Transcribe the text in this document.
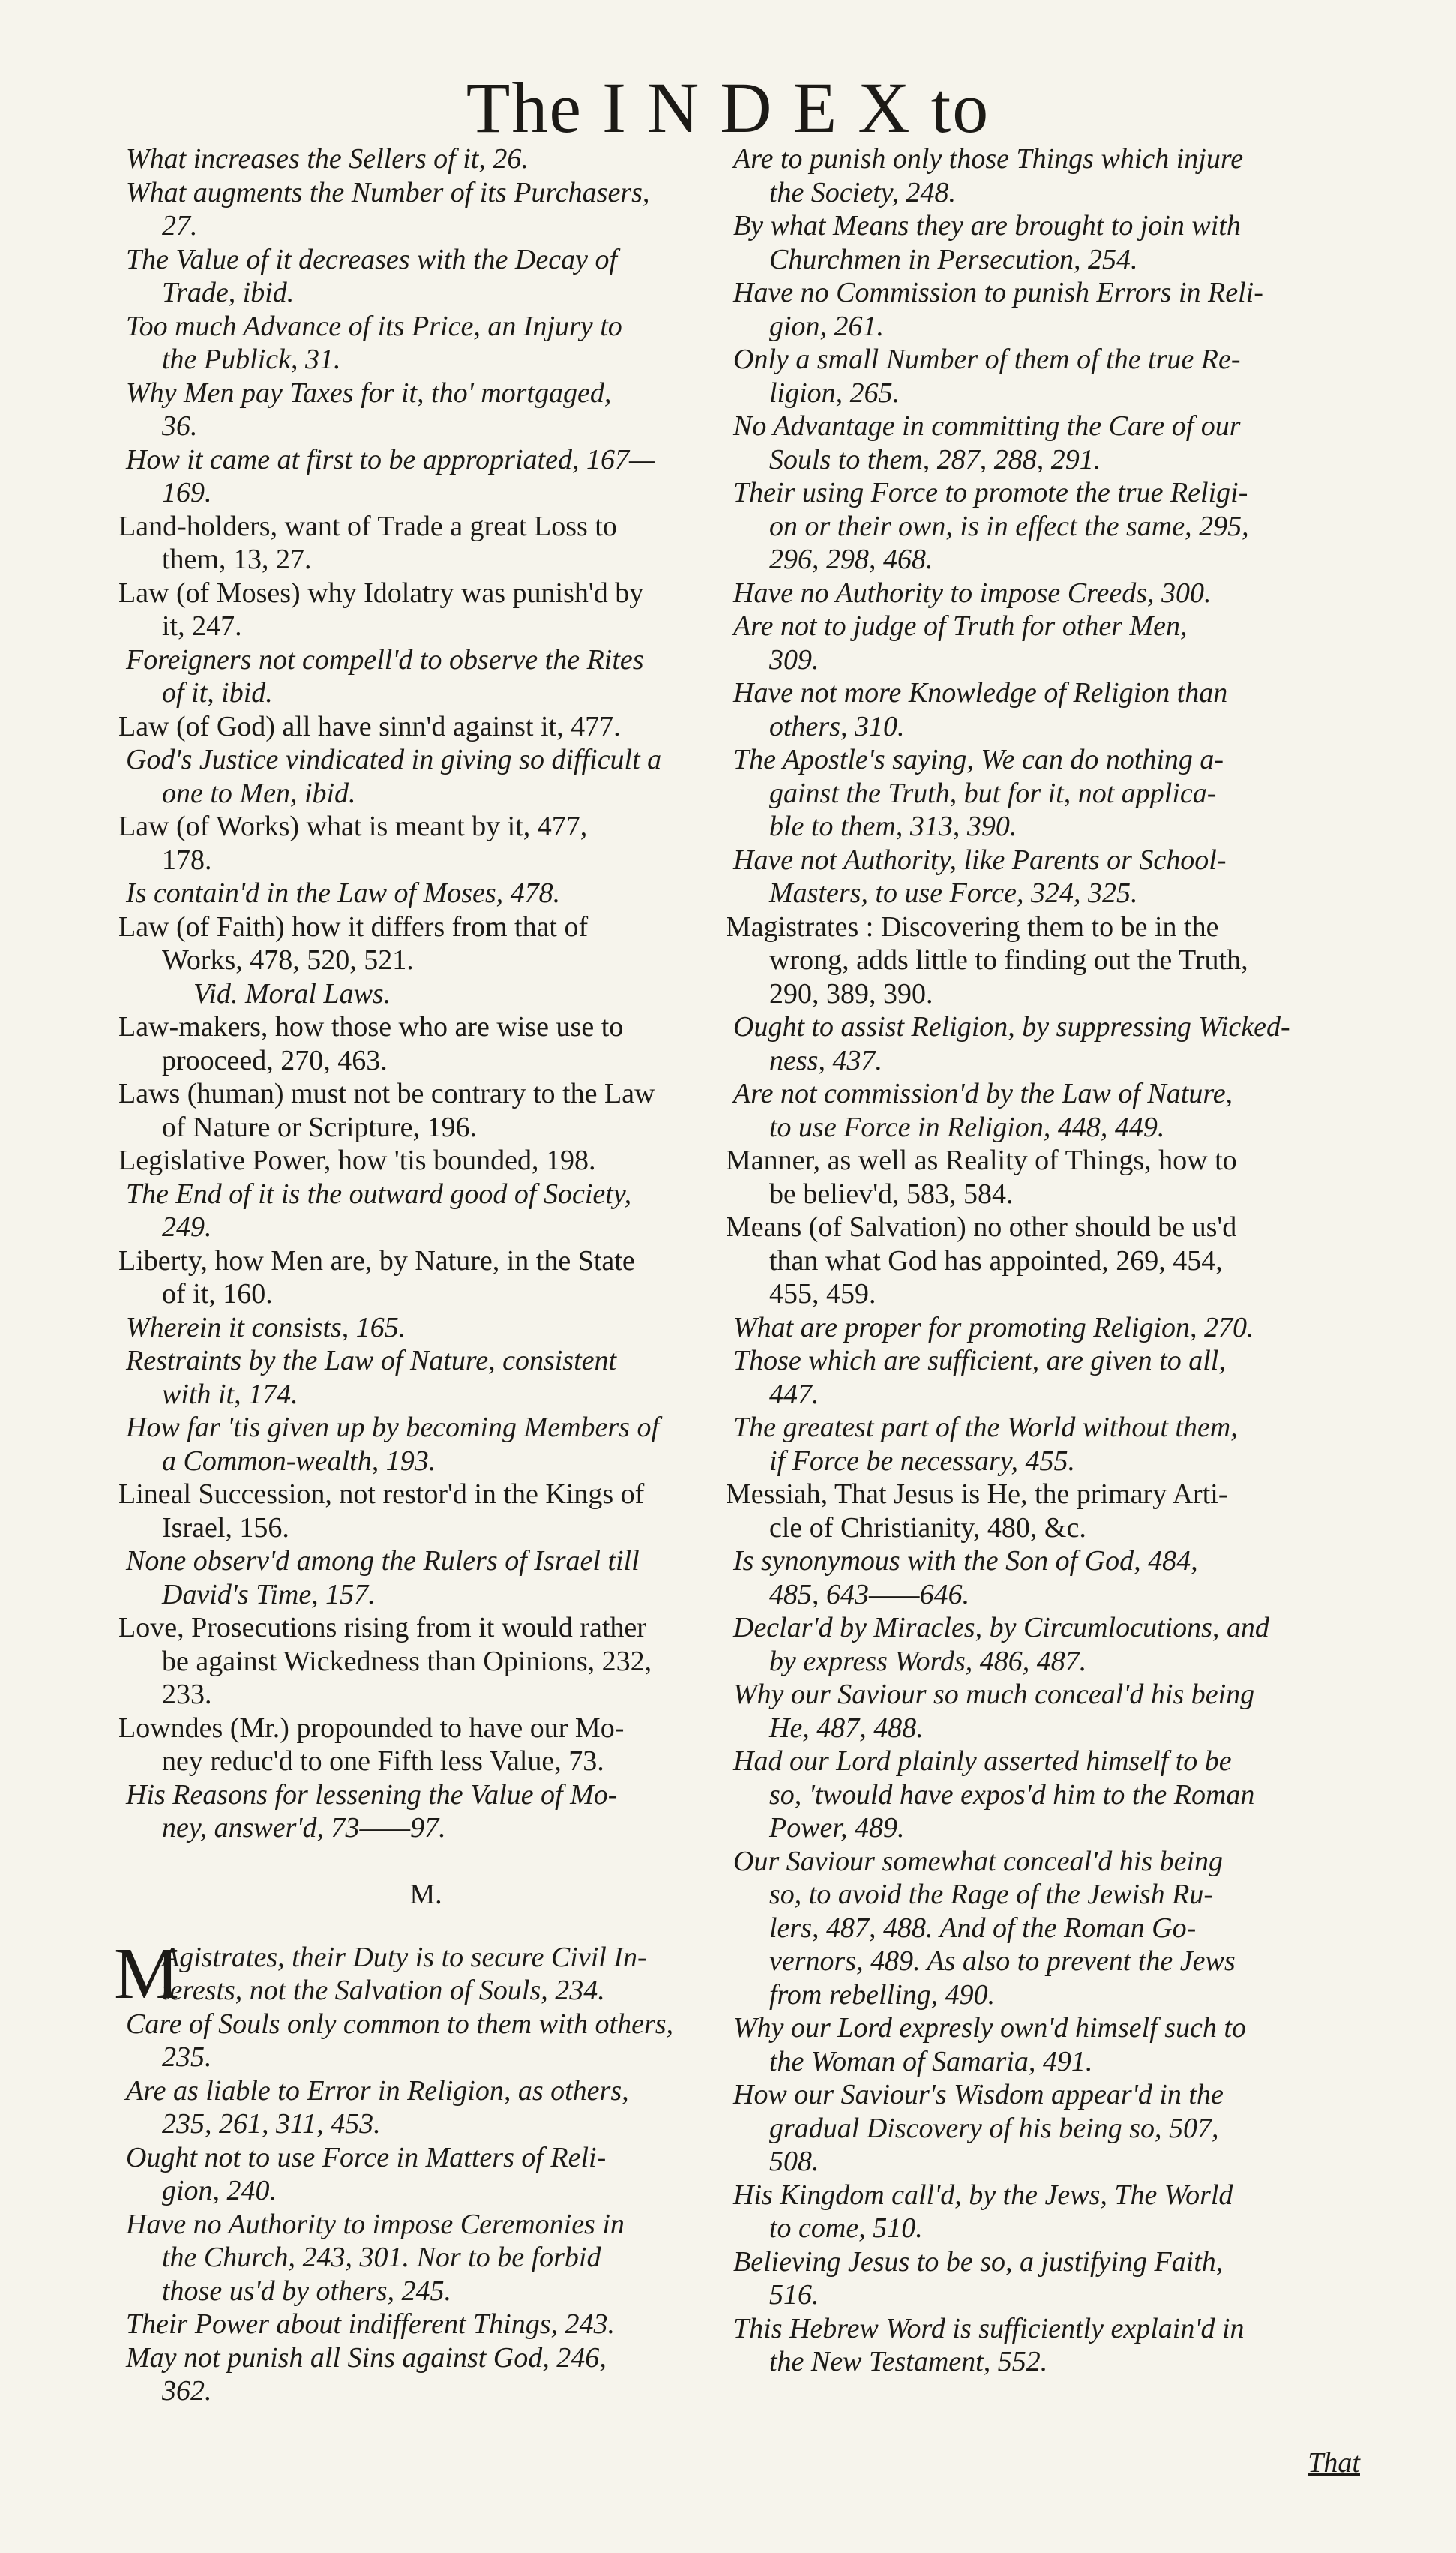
The I N D E X to
What increases the Sellers of it, 26.
What augments the Number of its Purchasers,
27.
The Value of it decreases with the Decay of
Trade, ibid.
Too much Advance of its Price, an Injury to
the Publick, 31.
Why Men pay Taxes for it, tho' mortgaged,
36.
How it came at first to be appropriated, 167—
169.
Land-holders, want of Trade a great Loss to
them, 13, 27.
Law (of Moses) why Idolatry was punish'd by
it, 247.
Foreigners not compell'd to observe the Rites
of it, ibid.
Law (of God) all have sinn'd against it, 477.
God's Justice vindicated in giving so difficult a
one to Men, ibid.
Law (of Works) what is meant by it, 477,
178.
Is contain'd in the Law of Moses, 478.
Law (of Faith) how it differs from that of
Works, 478, 520, 521.
Vid. Moral Laws.
Law-makers, how those who are wise use to
prooceed, 270, 463.
Laws (human) must not be contrary to the Law
of Nature or Scripture, 196.
Legislative Power, how 'tis bounded, 198.
The End of it is the outward good of Society,
249.
Liberty, how Men are, by Nature, in the State
of it, 160.
Wherein it consists, 165.
Restraints by the Law of Nature, consistent
with it, 174.
How far 'tis given up by becoming Members of
a Common-wealth, 193.
Lineal Succession, not restor'd in the Kings of
Israel, 156.
None observ'd among the Rulers of Israel till
David's Time, 157.
Love, Prosecutions rising from it would rather
be against Wickedness than Opinions, 232,
233.
Lowndes (Mr.) propounded to have our Mo-
ney reduc'd to one Fifth less Value, 73.
His Reasons for lessening the Value of Mo-
ney, answer'd, 73——97.
M.
M
Agistrates, their Duty is to secure Civil In-
terests, not the Salvation of Souls, 234.
Care of Souls only common to them with others,
235.
Are as liable to Error in Religion, as others,
235, 261, 311, 453.
Ought not to use Force in Matters of Reli-
gion, 240.
Have no Authority to impose Ceremonies in
the Church, 243, 301. Nor to be forbid
those us'd by others, 245.
Their Power about indifferent Things, 243.
May not punish all Sins against God, 246,
362.
Are to punish only those Things which injure
the Society, 248.
By what Means they are brought to join with
Churchmen in Persecution, 254.
Have no Commission to punish Errors in Reli-
gion, 261.
Only a small Number of them of the true Re-
ligion, 265.
No Advantage in committing the Care of our
Souls to them, 287, 288, 291.
Their using Force to promote the true Religi-
on or their own, is in effect the same, 295,
296, 298, 468.
Have no Authority to impose Creeds, 300.
Are not to judge of Truth for other Men,
309.
Have not more Knowledge of Religion than
others, 310.
The Apostle's saying, We can do nothing a-
gainst the Truth, but for it, not applica-
ble to them, 313, 390.
Have not Authority, like Parents or School-
Masters, to use Force, 324, 325.
Magistrates : Discovering them to be in the
wrong, adds little to finding out the Truth,
290, 389, 390.
Ought to assist Religion, by suppressing Wicked-
ness, 437.
Are not commission'd by the Law of Nature,
to use Force in Religion, 448, 449.
Manner, as well as Reality of Things, how to
be believ'd, 583, 584.
Means (of Salvation) no other should be us'd
than what God has appointed, 269, 454,
455, 459.
What are proper for promoting Religion, 270.
Those which are sufficient, are given to all,
447.
The greatest part of the World without them,
if Force be necessary, 455.
Messiah, That Jesus is He, the primary Arti-
cle of Christianity, 480, &c.
Is synonymous with the Son of God, 484,
485, 643——646.
Declar'd by Miracles, by Circumlocutions, and
by express Words, 486, 487.
Why our Saviour so much conceal'd his being
He, 487, 488.
Had our Lord plainly asserted himself to be
so, 'twould have expos'd him to the Roman
Power, 489.
Our Saviour somewhat conceal'd his being
so, to avoid the Rage of the Jewish Ru-
lers, 487, 488. And of the Roman Go-
vernors, 489. As also to prevent the Jews
from rebelling, 490.
Why our Lord expresly own'd himself such to
the Woman of Samaria, 491.
How our Saviour's Wisdom appear'd in the
gradual Discovery of his being so, 507,
508.
His Kingdom call'd, by the Jews, The World
to come, 510.
Believing Jesus to be so, a justifying Faith,
516.
This Hebrew Word is sufficiently explain'd in
the New Testament, 552.
That
